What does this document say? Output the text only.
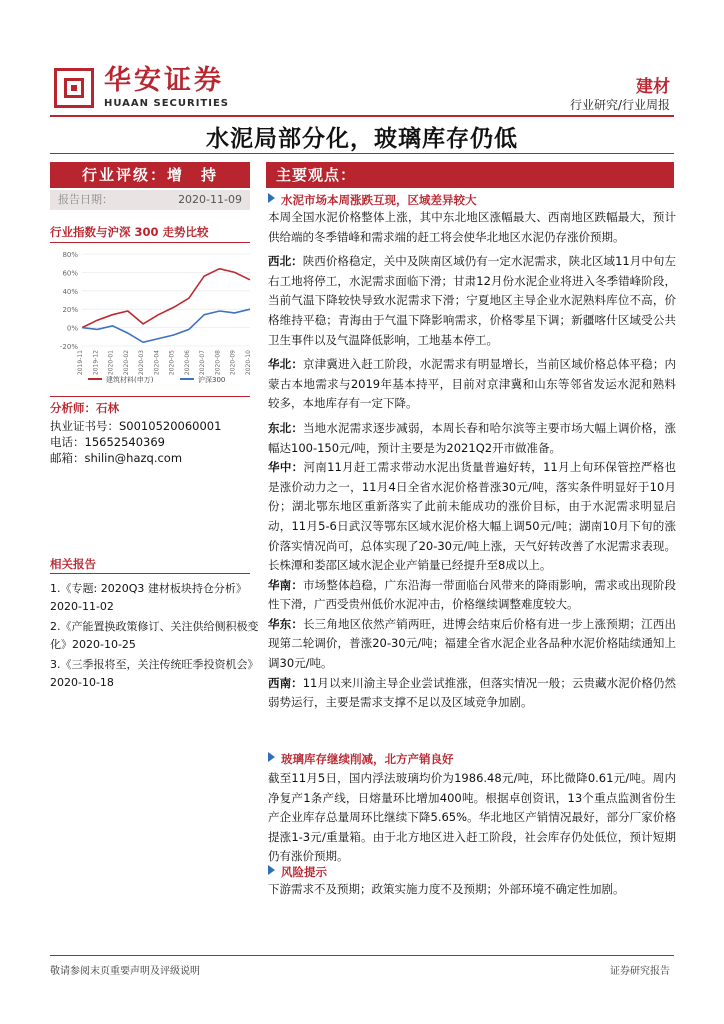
华安证券
HUAAN SECURITIES
建材
行业研究/行业周报
水泥局部分化，玻璃库存仍低
行业评级：增　持
报告日期：	2020-11-09
行业指数与沪深 300 走势比较
80%
60%
40%
20%
0%
-20%
2019-11 2019-12 2020-01 2020-02 2020-03 2020-04 2020-05 2020-06 2020-07 2020-08 2020-09 2020-10
建筑材料(申万)	沪深300
分析师：石林
执业证书号：S0010520060001
电话：15652540369
邮箱：shilin@hazq.com
相关报告
1.《专题: 2020Q3 建材板块持仓分析》2020-11-02
2.《产能置换政策修订、关注供给侧积极变化》2020-10-25
3.《三季报将至，关注传统旺季投资机会》2020-10-18
主要观点：
水泥市场本周涨跌互现，区域差异较大

本周全国水泥价格整体上涨，其中东北地区涨幅最大、西南地区跌幅最大，预计供给端的冬季错峰和需求端的赶工将会使华北地区水泥仍存涨价预期。

西北：陕西价格稳定，关中及陕南区域仍有一定水泥需求，陕北区域11月中旬左右工地将停工，水泥需求面临下滑；甘肃12月份水泥企业将进入冬季错峰阶段，当前气温下降较快导致水泥需求下滑；宁夏地区主导企业水泥熟料库位不高，价格维持平稳；青海由于气温下降影响需求，价格零星下调；新疆喀什区域受公共卫生事件以及气温降低影响，工地基本停工。

华北：京津冀进入赶工阶段，水泥需求有明显增长，当前区域价格总体平稳；内蒙古本地需求与2019年基本持平，目前对京津冀和山东等邻省发运水泥和熟料较多，本地库存有一定下降。

东北：当地水泥需求逐步减弱，本周长春和哈尔滨等主要市场大幅上调价格，涨幅达100-150元/吨，预计主要是为2021Q2开市做准备。

华中：河南11月赶工需求带动水泥出货量普遍好转，11月上旬环保管控严格也是涨价动力之一，11月4日全省水泥价格普涨30元/吨，落实条件明显好于10月份；湖北鄂东地区重新落实了此前未能成功的涨价目标，由于水泥需求明显启动，11月5-6日武汉等鄂东区域水泥价格大幅上调50元/吨；湖南10月下旬的涨价落实情况尚可，总体实现了20-30元/吨上涨，天气好转改善了水泥需求表现。长株潭和娄邵区域水泥企业产销量已经提升至8成以上。

华南：市场整体趋稳，广东沿海一带面临台风带来的降雨影响，需求或出现阶段性下滑，广西受贵州低价水泥冲击，价格继续调整难度较大。

华东：长三角地区依然产销两旺，进博会结束后价格有进一步上涨预期；江西出现第二轮调价，普涨20-30元/吨；福建全省水泥企业各品种水泥价格陆续通知上调30元/吨。

西南：11月以来川渝主导企业尝试推涨，但落实情况一般；云贵藏水泥价格仍然弱势运行，主要是需求支撑不足以及区域竞争加剧。

玻璃库存继续削减，北方产销良好

截至11月5日，国内浮法玻璃均价为1986.48元/吨，环比微降0.61元/吨。周内净复产1条产线，日熔量环比增加400吨。根据卓创资讯，13个重点监测省份生产企业库存总量周环比继续下降5.65%。华北地区产销情况最好，部分厂家价格提涨1-3元/重量箱。由于北方地区进入赶工阶段，社会库存仍处低位，预计短期仍有涨价预期。

风险提示

下游需求不及预期；政策实施力度不及预期；外部环境不确定性加剧。

敬请参阅末页重要声明及评级说明	证券研究报告
